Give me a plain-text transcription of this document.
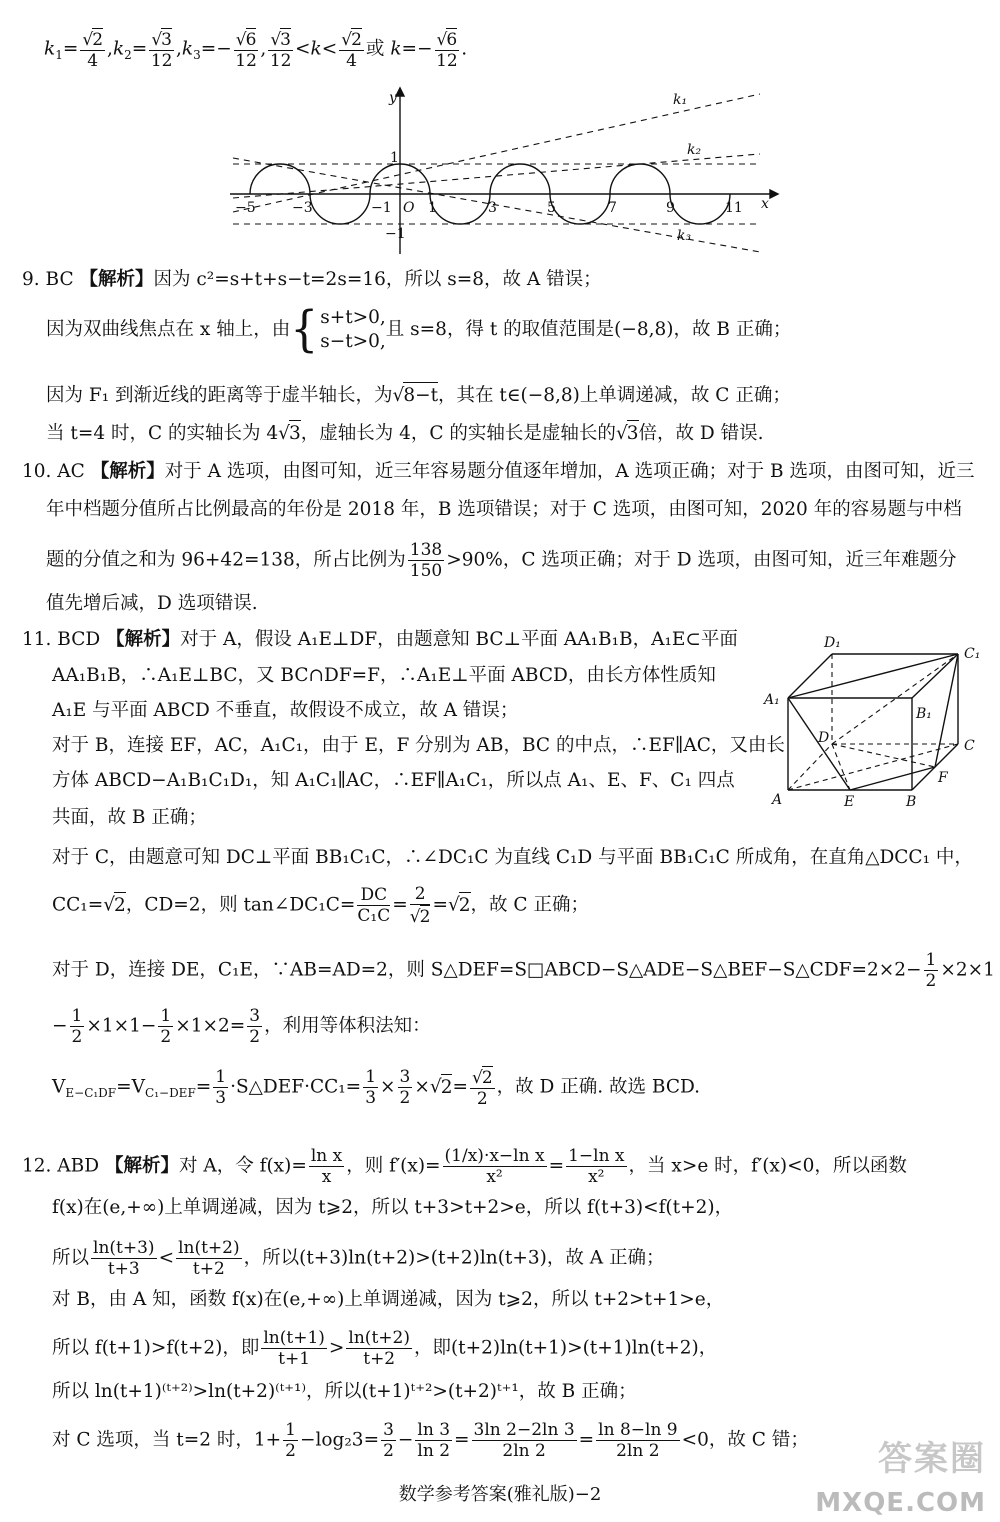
$k_1= \frac{√2}{4} ,k_2= \frac{√3}{12} ,k_3=- \frac{√6}{12}$ , $\frac{√3}{12} <k< \frac{√2}{4}$ 或 $k=- \frac{√6}{12}$ .
y
x
1
−1
O
−5	−3	−1	1	3	5	7	9	11
k₁
k₂
k₃
9. BC 【解析】因为 c²=s+t+s−t=2s=16，所以 s=8，故 A 错误；
因为双曲线焦点在 x 轴上，由{ s+t>0,
s−t>0,
且 s=8，得 t 的取值范围是(−8,8)，故 B 正确；
因为 F₁ 到渐近线的距离等于虚半轴长，为√8−t，其在 t∈(−8,8)上单调递减，故 C 正确；
当 t=4 时，C 的实轴长为 4√3，虚轴长为 4，C 的实轴长是虚轴长的√3倍，故 D 错误.
10. AC 【解析】对于 A 选项，由图可知，近三年容易题分值逐年增加，A 选项正确；对于 B 选项，由图可知，近三
年中档题分值所占比例最高的年份是 2018 年，B 选项错误；对于 C 选项，由图可知，2020 年的容易题与中档
题的分值之和为 96+42=138，所占比例为 $\frac{138}{150} >90\%$，C 选项正确；对于 D 选项，由图可知，近三年难题分
值先增后减，D 选项错误.
11. BCD 【解析】对于 A，假设 A₁E⊥DF，由题意知 BC⊥平面 AA₁B₁B，A₁E⊂平面
AA₁B₁B，∴A₁E⊥BC，又 BC∩DF=F，∴A₁E⊥平面 ABCD，由长方体性质知
A₁E 与平面 ABCD 不垂直，故假设不成立，故 A 错误；
对于 B，连接 EF，AC，A₁C₁，由于 E，F 分别为 AB，BC 的中点，∴EF∥AC，又由长
方体 ABCD−A₁B₁C₁D₁，知 A₁C₁∥AC，∴EF∥A₁C₁，所以点 A₁、E、F、C₁ 四点
共面，故 B 正确；
D₁
C₁
A₁
B₁
D	C
A	E	B
F
对于 C，由题意可知 DC⊥平面 BB₁C₁C，∴∠DC₁C 为直线 C₁D 与平面 BB₁C₁C 所成角，在直角△DCC₁ 中，
CC₁=√2，CD=2，则 tan∠DC₁C= $\frac{DC}{\text{C₁C}} = \frac{2}{√2} =√2$，故 C 正确；
对于 D，连接 DE，C₁E，∵AB=AD=2，则 S△DEF=S□ABCD−S△ADE−S△BEF−S△CDF=2×2− $\frac{1}{2} \times 2\times 1$
− $\frac{1}{2} \times 1\times 1- \frac{1}{2} \times 1\times 2= \frac{3}{2}$ ，利用等体积法知：
$V_{E-C_1DF}=V_{C_1-DEF}= \frac{1}{3}$ ·S△DEF·CC₁= $\frac{1}{3} \times \frac{3}{2} \times√2= \frac{√2}{2}$ ，故 D 正确. 故选 BCD.
12. ABD 【解析】对 A，令 $f(x)= \frac{\text{ln x}}{x}$ ，则 $f'(x)= \frac{\text{(1/x)·x−ln x}}{\text{x²}} = \frac{\text{1−ln x}}{\text{x²}}$ ，当 x>e 时，f′(x)<0，所以函数
f(x)在(e,+∞)上单调递减，因为 t⩾2，所以 t+3>t+2>e，所以 f(t+3)<f(t+2)，
所以 $\frac{\ln(t+3)}{t+3} < \frac{\ln(t+2)}{t+2}$ ，所以(t+3)ln(t+2)>(t+2)ln(t+3)，故 A 正确；
对 B，由 A 知，函数 f(x)在(e,+∞)上单调递减，因为 t⩾2，所以 t+2>t+1>e，
所以 f(t+1)>f(t+2)，即 $\frac{\ln(t+1)}{t+1} > \frac{\ln(t+2)}{t+2}$ ，即(t+2)ln(t+1)>(t+1)ln(t+2)，
所以 ln(t+1)⁽ᵗ⁺²⁾>ln(t+2)⁽ᵗ⁺¹⁾，所以(t+1)ᵗ⁺²>(t+2)ᵗ⁺¹，故 B 正确；
对 C 选项，当 t=2 时，$1+ \frac{1}{2} -\log_23= \frac{3}{2} - \frac{\ln 3}{\ln 2} = \frac{3\ln 2-2\ln 3}{2\ln 2} = \frac{\ln 8-\ln 9}{2\ln 2} <0$，故 C 错；
数学参考答案(雅礼版)−2
答案圈
MXQE.COM
